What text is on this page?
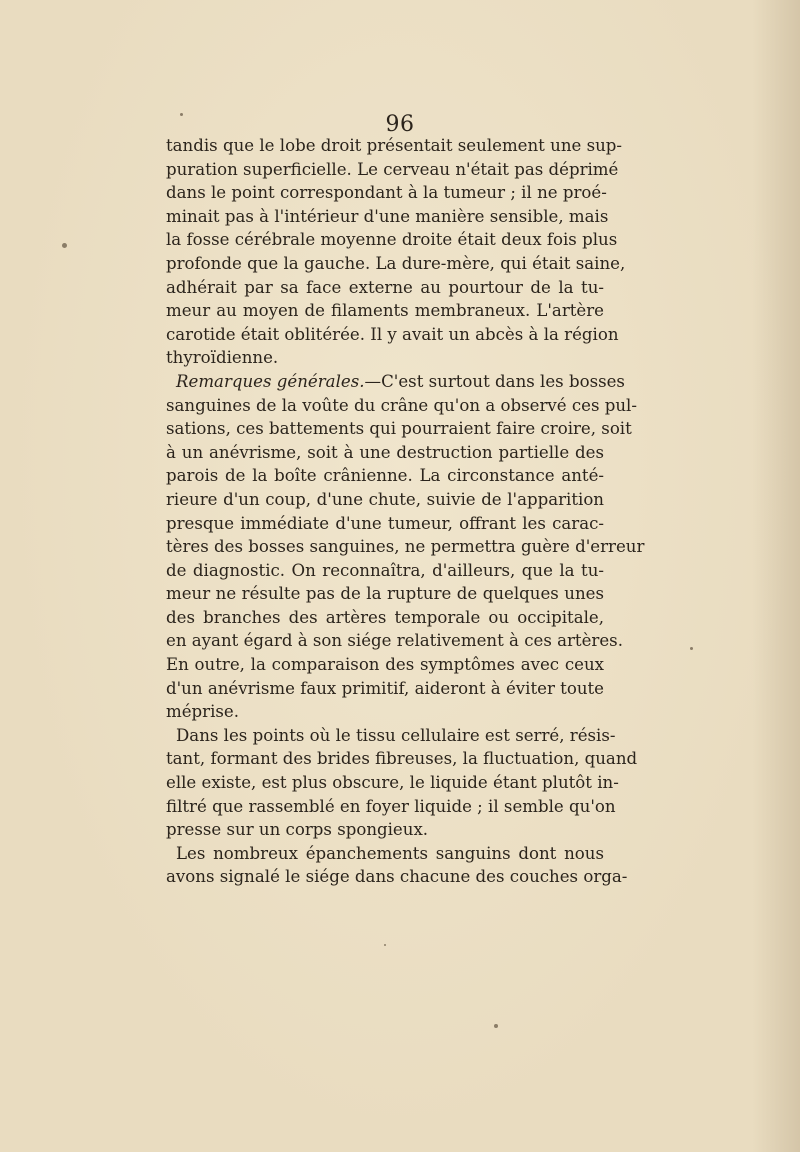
96
tandis que le lobe droit présentait seulement une sup-
puration superficielle. Le cerveau n'était pas déprimé
dans le point correspondant à la tumeur ; il ne proé-
minait pas à l'intérieur d'une manière sensible, mais
la fosse cérébrale moyenne droite était deux fois plus
profonde que la gauche. La dure-mère, qui était saine,
adhérait par sa face externe au pourtour de la tu-
meur au moyen de filaments membraneux. L'artère
carotide était oblitérée. Il y avait un abcès à la région
thyroïdienne.
Remarques générales.—C'est surtout dans les bosses
sanguines de la voûte du crâne qu'on a observé ces pul-
sations, ces battements qui pourraient faire croire, soit
à un anévrisme, soit à une destruction partielle des
parois de la boîte crânienne. La circonstance anté-
rieure d'un coup, d'une chute, suivie de l'apparition
presque immédiate d'une tumeur, offrant les carac-
tères des bosses sanguines, ne permettra guère d'erreur
de diagnostic. On reconnaîtra, d'ailleurs, que la tu-
meur ne résulte pas de la rupture de quelques unes
des branches des artères temporale ou occipitale,
en ayant égard à son siége relativement à ces artères.
En outre, la comparaison des symptômes avec ceux
d'un anévrisme faux primitif, aideront à éviter toute
méprise.
Dans les points où le tissu cellulaire est serré, résis-
tant, formant des brides fibreuses, la fluctuation, quand
elle existe, est plus obscure, le liquide étant plutôt in-
filtré que rassemblé en foyer liquide ; il semble qu'on
presse sur un corps spongieux.
Les nombreux épanchements sanguins dont nous
avons signalé le siége dans chacune des couches orga-
